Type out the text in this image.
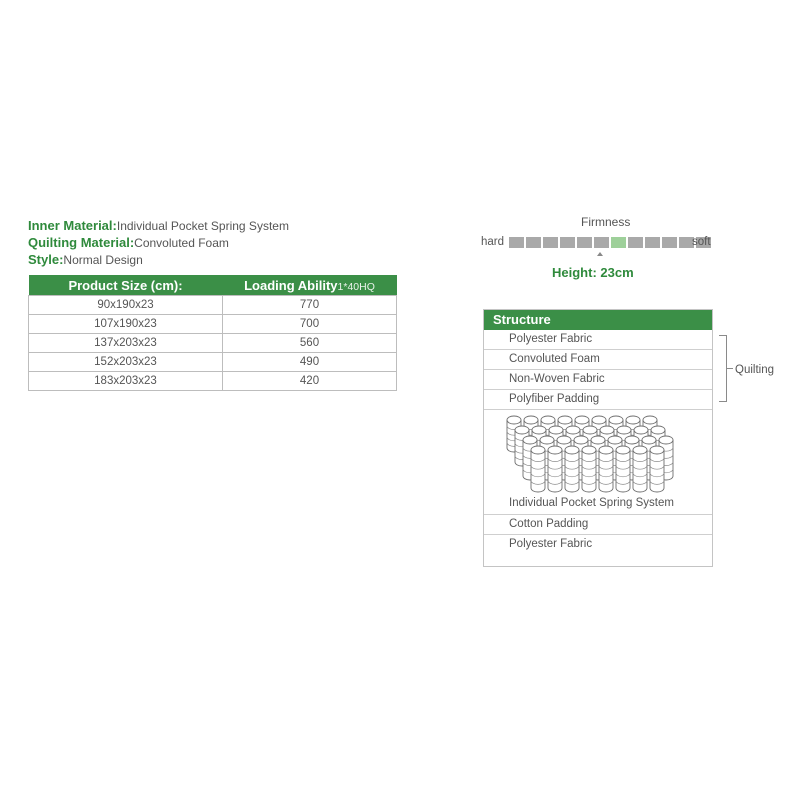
Inner Material:Individual Pocket Spring System
Quilting Material:Convoluted Foam
Style:Normal Design
Product Size (cm):	Loading Ability1*40HQ
90x190x23	770
107x190x23	700
137x203x23	560
152x203x23	490
183x203x23	420
Firmness
hard	soft
Height: 23cm
Structure
Polyester Fabric
Convoluted Foam
Non-Woven Fabric
Polyfiber Padding
Individual Pocket Spring System
Cotton Padding
Polyester Fabric
Quilting
